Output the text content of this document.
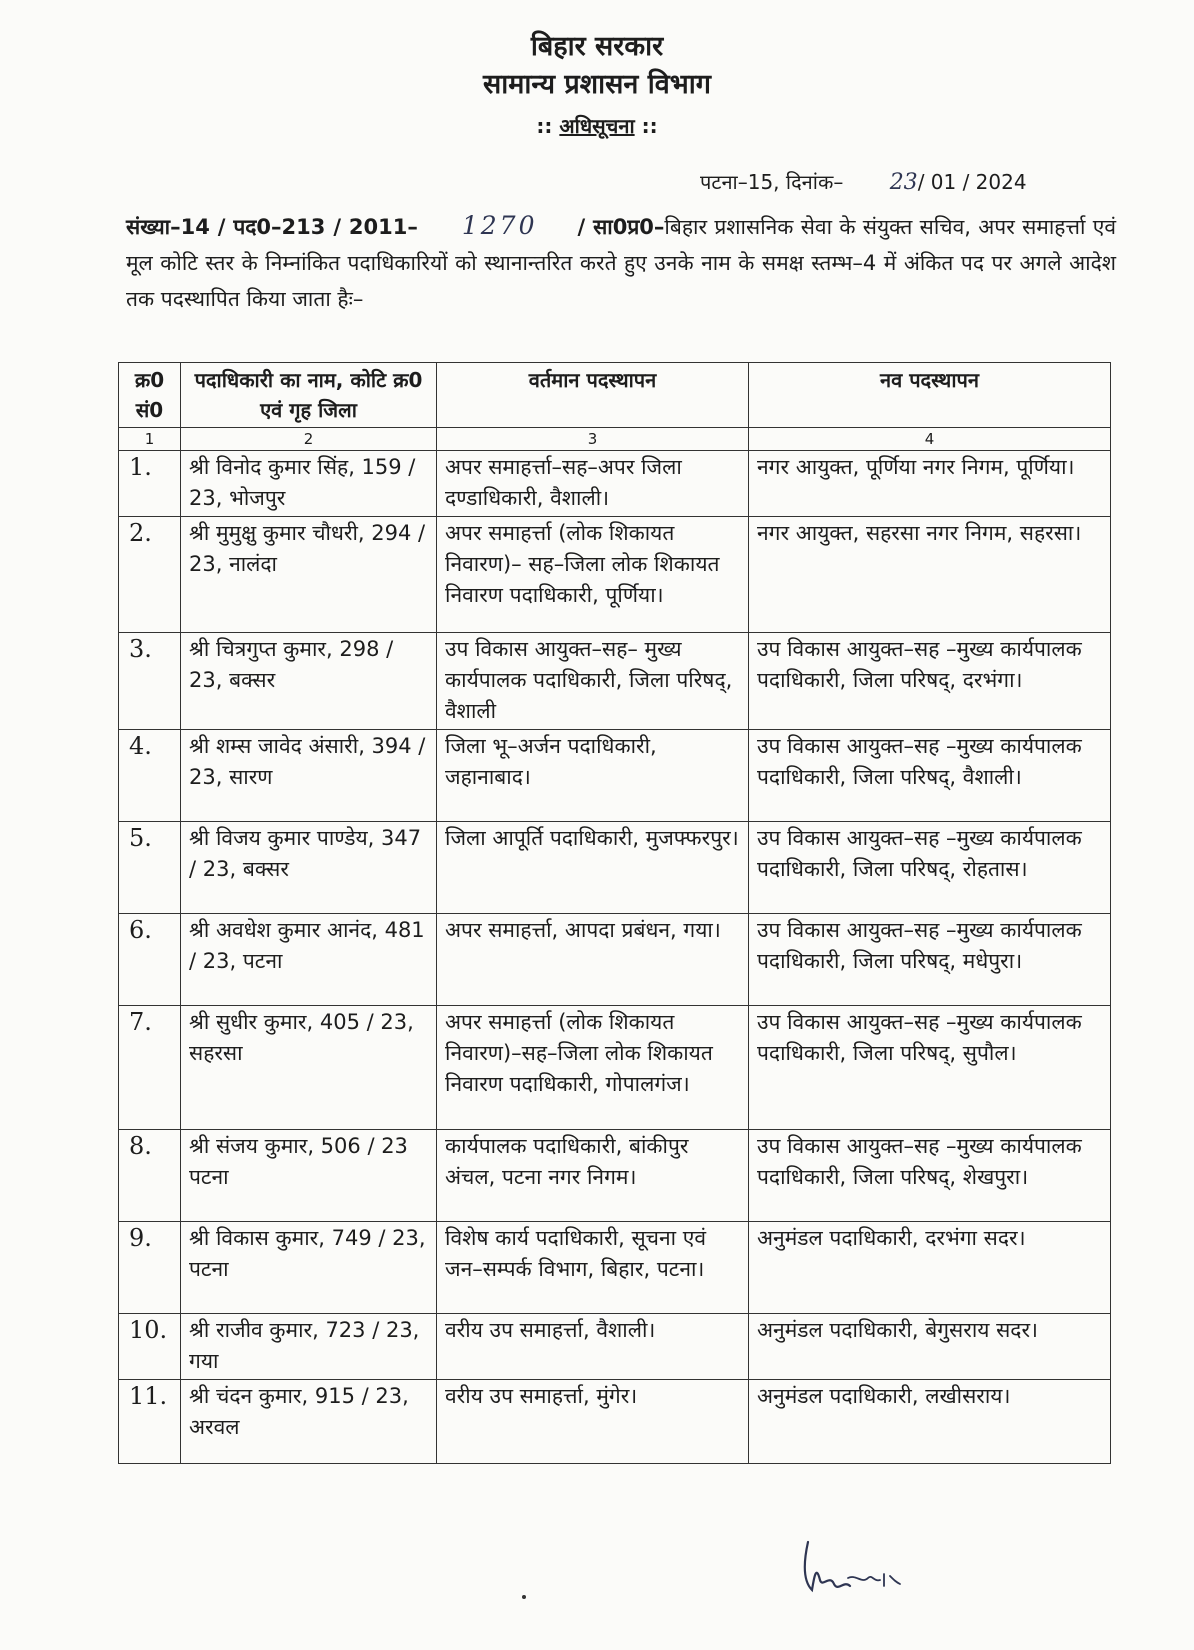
बिहार सरकार
सामान्य प्रशासन विभाग
:: अधिसूचना ::
पटना–15, दिनांक– 23/ 01 / 2024
संख्या–14 / पद0–213 / 2011– 1270 / सा0प्र0–बिहार प्रशासनिक सेवा के संयुक्त सचिव, अपर समाहर्त्ता एवं मूल कोटि स्तर के निम्नांकित पदाधिकारियों को स्थानान्तरित करते हुए उनके नाम के समक्ष स्तम्भ–4 में अंकित पद पर अगले आदेश तक पदस्थापित किया जाता हैः–
क्र0 सं0	पदाधिकारी का नाम, कोटि क्र0 एवं गृह जिला	वर्तमान पदस्थापन	नव पदस्थापन
1	2	3	4
1.	श्री विनोद कुमार सिंह, 159 / 23, भोजपुर	अपर समाहर्त्ता–सह–अपर जिला दण्डाधिकारी, वैशाली।	नगर आयुक्त, पूर्णिया नगर निगम, पूर्णिया।
2.	श्री मुमुक्षु कुमार चौधरी, 294 / 23, नालंदा	अपर समाहर्त्ता (लोक शिकायत निवारण)– सह–जिला लोक शिकायत निवारण पदाधिकारी, पूर्णिया।	नगर आयुक्त, सहरसा नगर निगम, सहरसा।
3.	श्री चित्रगुप्त कुमार, 298 / 23, बक्सर	उप विकास आयुक्त–सह– मुख्य कार्यपालक पदाधिकारी, जिला परिषद्, वैशाली	उप विकास आयुक्त–सह –मुख्य कार्यपालक पदाधिकारी, जिला परिषद्, दरभंगा।
4.	श्री शम्स जावेद अंसारी, 394 / 23, सारण	जिला भू–अर्जन पदाधिकारी, जहानाबाद।	उप विकास आयुक्त–सह –मुख्य कार्यपालक पदाधिकारी, जिला परिषद्, वैशाली।
5.	श्री विजय कुमार पाण्डेय, 347 / 23, बक्सर	जिला आपूर्ति पदाधिकारी, मुजफ्फरपुर।	उप विकास आयुक्त–सह –मुख्य कार्यपालक पदाधिकारी, जिला परिषद्, रोहतास।
6.	श्री अवधेश कुमार आनंद, 481 / 23, पटना	अपर समाहर्त्ता, आपदा प्रबंधन, गया।	उप विकास आयुक्त–सह –मुख्य कार्यपालक पदाधिकारी, जिला परिषद्, मधेपुरा।
7.	श्री सुधीर कुमार, 405 / 23, सहरसा	अपर समाहर्त्ता (लोक शिकायत निवारण)–सह–जिला लोक शिकायत निवारण पदाधिकारी, गोपालगंज।	उप विकास आयुक्त–सह –मुख्य कार्यपालक पदाधिकारी, जिला परिषद्, सुपौल।
8.	श्री संजय कुमार, 506 / 23 पटना	कार्यपालक पदाधिकारी, बांकीपुर अंचल, पटना नगर निगम।	उप विकास आयुक्त–सह –मुख्य कार्यपालक पदाधिकारी, जिला परिषद्, शेखपुरा।
9.	श्री विकास कुमार, 749 / 23, पटना	विशेष कार्य पदाधिकारी, सूचना एवं जन–सम्पर्क विभाग, बिहार, पटना।	अनुमंडल पदाधिकारी, दरभंगा सदर।
10.	श्री राजीव कुमार, 723 / 23, गया	वरीय उप समाहर्त्ता, वैशाली।	अनुमंडल पदाधिकारी, बेगुसराय सदर।
11.	श्री चंदन कुमार, 915 / 23, अरवल	वरीय उप समाहर्त्ता, मुंगेर।	अनुमंडल पदाधिकारी, लखीसराय।
